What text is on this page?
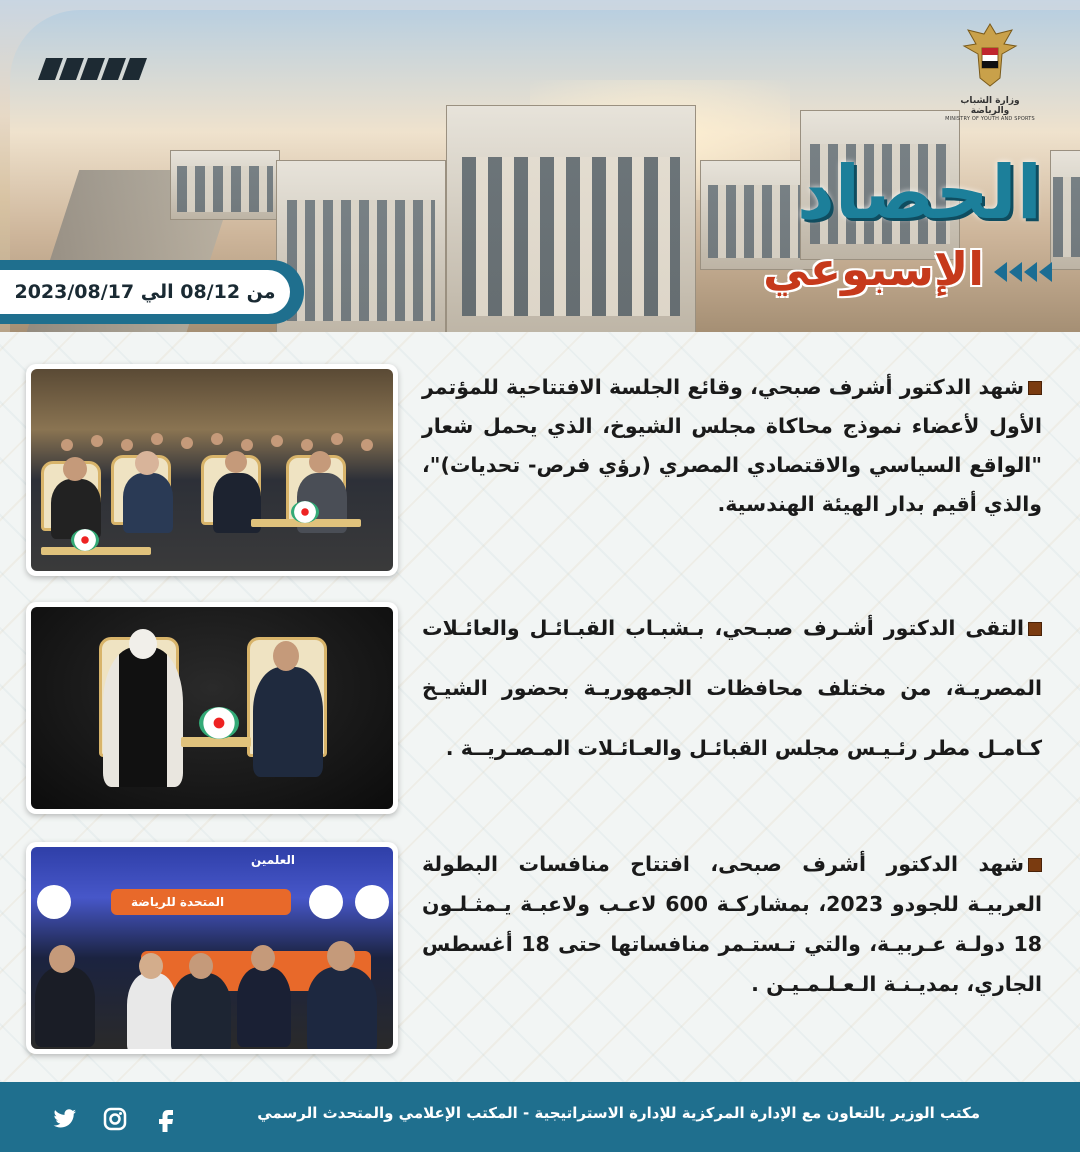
وزارة الشباب والرياضة
MINISTRY OF YOUTH AND SPORTS
الحصاد
الإسبوعي
من 08/12 الي 2023/08/17
المتحدة للرياضة
العلمين
شهد الدكتور أشرف صبحي، وقائع الجلسة الافتتاحية للمؤتمر الأول لأعضاء نموذج محاكاة مجلس الشيوخ، الذي يحمل شعار "الواقع السياسي والاقتصادي المصري (رؤي فرص- تحديات)"، والذي أقيم بدار الهيئة الهندسية.
التقى الدكتور أشـرف صبـحي، بـشبـاب القبـائـل والعائـلات المصريـة، من مختلف محافظات الجمهوريـة بحضور الشيـخ كـامـل مطر رئـيـس مجلس القبائـل والعـائـلات المـصـريــة .
شهد الدكتور أشرف صبحى، افتتاح منافسات البطولة العربيـة للجودو 2023، بمشاركـة 600 لاعـب ولاعبـة يـمثـلـون 18 دولـة عـربيـة، والتي تـستـمر منافساتها حتى 18 أغسطس الجاري، بمديـنـة الـعـلـمـيـن .
مكتب الوزير بالتعاون مع الإدارة المركزية للإدارة الاستراتيجية - المكتب الإعلامي والمتحدث الرسمي
